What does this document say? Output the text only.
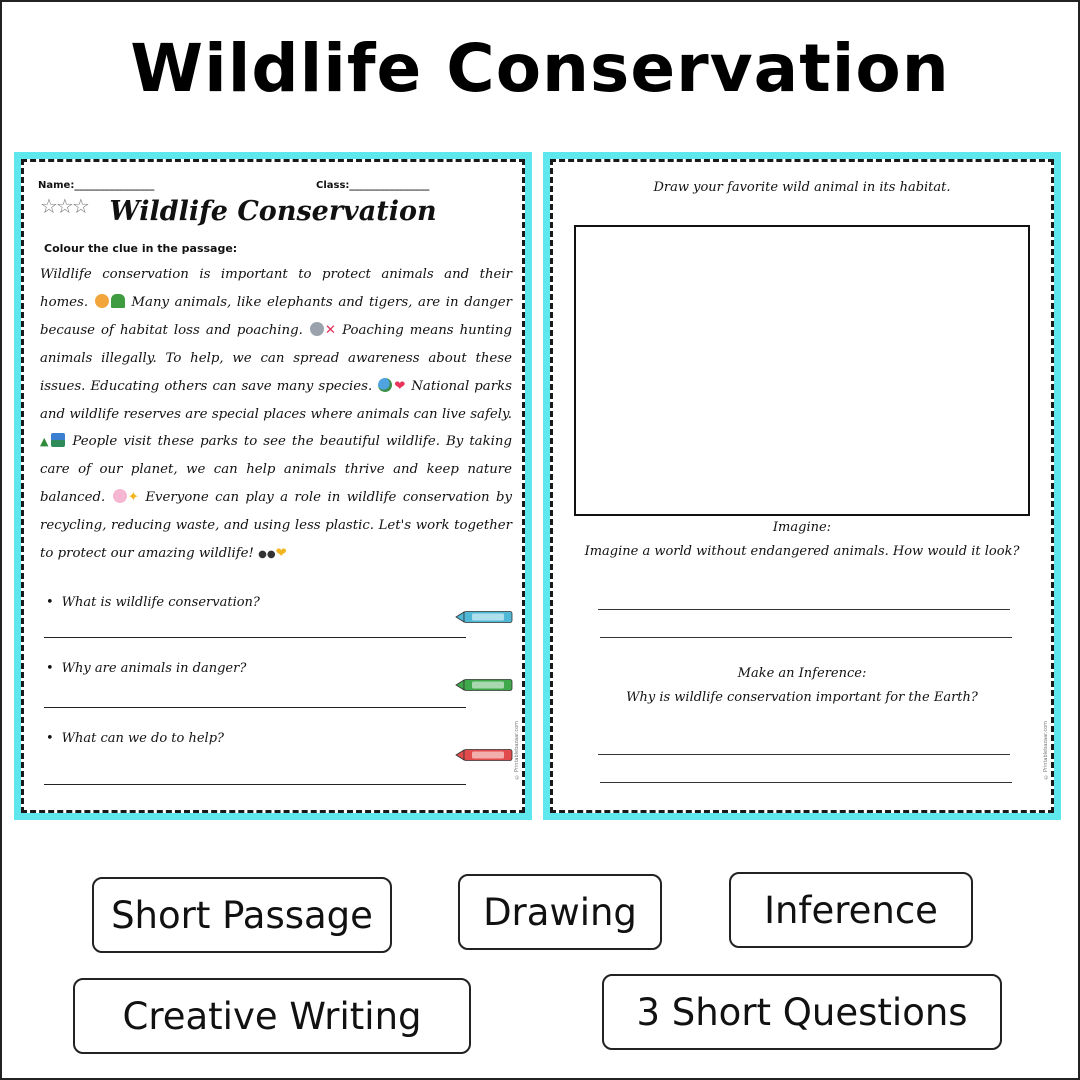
Wildlife Conservation
Name:________________	Class:________________
☆☆☆ Wildlife Conservation
Colour the clue in the passage:
Wildlife conservation is important to protect animals and their homes.	Many animals, like elephants and tigers, are in danger because of habitat loss and poaching. ✕ Poaching means hunting animals illegally. To help, we can spread awareness about these issues. Educating others can save many species. ❤ National parks and wildlife reserves are special places where animals can live safely. ▲ People visit these parks to see the beautiful wildlife. By taking care of our planet, we can help animals thrive and keep nature balanced. ✦ Everyone can play a role in wildlife conservation by recycling, reducing waste, and using less plastic. Let's work together to protect our amazing wildlife! ●●❤
• What is wildlife conservation?
• Why are animals in danger?
• What can we do to help?	© Printablebazaar.com
Draw your favorite wild animal in its habitat.
Imagine:
Imagine a world without endangered animals. How would it look?
Make an Inference:
Why is wildlife conservation important for the Earth?
© Printablebazaar.com
Short Passage	Drawing	Inference
Creative Writing	3 Short Questions
